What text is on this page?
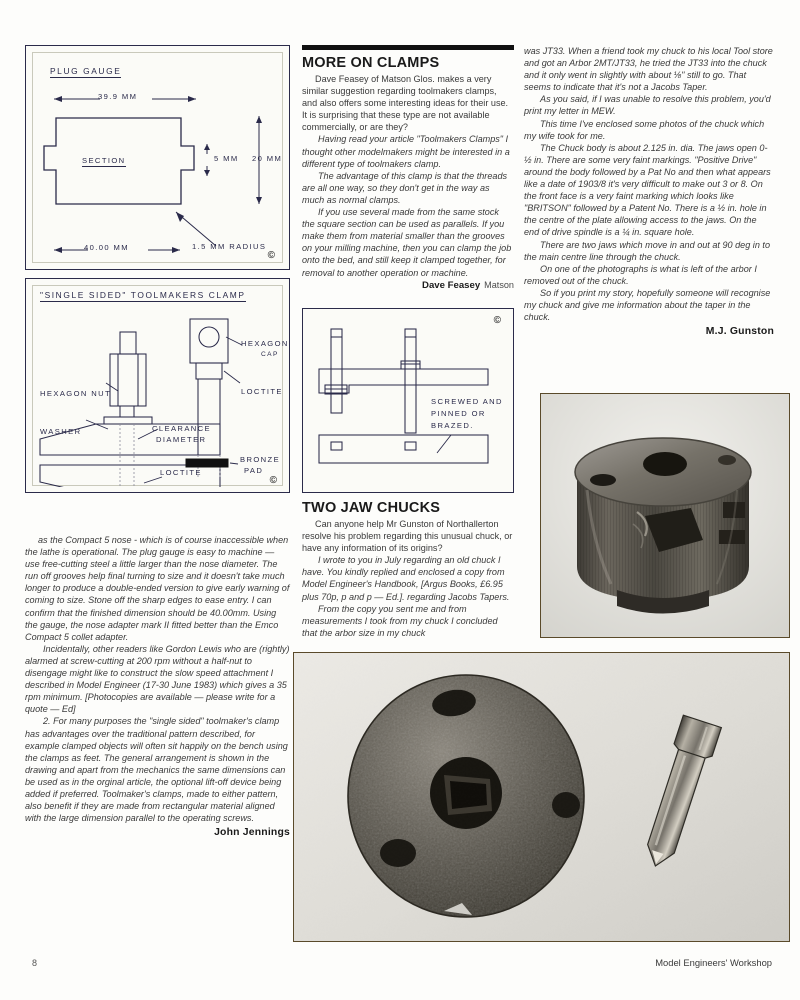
PLUG GAUGE
39.9 MM
SECTION	5 MM 20 MM
1.5 MM RADIUS
40.00 MM
©
"SINGLE SIDED" TOOLMAKERS CLAMP
HEXAGON
CAP
LOCTITE
HEXAGON NUT
WASHER	CLEARANCE
DIAMETER
BRONZE
PAD
LOCTITE
©

as the Compact 5 nose - which is of course inaccessible when the lathe is operational. The plug gauge is easy to machine — use free-cutting steel a little larger than the nose diameter. The run off grooves help final turning to size and it doesn't take much longer to produce a double-ended version to give early warning of coming to size. Stone off the sharp edges to ease entry. I can confirm that the finished dimension should be 40.00mm. Using the gauge, the nose adapter mark II fitted better than the Emco Compact 5 collet adapter.

Incidentally, other readers like Gordon Lewis who are (rightly) alarmed at screw-cutting at 200 rpm without a half-nut to disengage might like to construct the slow speed attachment I described in Model Engineer (17-30 June 1983) which gives a 35 rpm minimum. [Photocopies are available — please write for a quote — Ed]

2. For many purposes the "single sided" toolmaker's clamp has advantages over the traditional pattern described, for example clamped objects will often sit happily on the bench using the clamps as feet. The general arrangement is shown in the drawing and apart from the mechanics the same dimensions can be used as in the orginal article, the optional lift-off device being added if preferred. Toolmaker's clamps, made to either pattern, also benefit if they are made from rectangular material aligned with the large dimension parallel to the operating screws.

John Jennings
MORE ON CLAMPS

Dave Feasey of Matson Glos. makes a very similar suggestion regarding toolmakers clamps, and also offers some interesting ideas for their use. It is surprising that these type are not available commercially, or are they?

Having read your article "Toolmakers Clamps" I thought other modelmakers might be interested in a different type of toolmakers clamp.

The advantage of this clamp is that the threads are all one way, so they don't get in the way as much as normal clamps.

If you use several made from the same stock the square section can be used as parallels. If you make them from material smaller than the grooves on your milling machine, then you can clamp the job onto the bed, and still keep it clamped together, for removal to another operation or machine.

Dave Feasey Matson
SCREWED AND
PINNED OR
BRAZED.
©
TWO JAW CHUCKS

Can anyone help Mr Gunston of Northallerton resolve his problem regarding this unusual chuck, or have any information of its origins?

I wrote to you in July regarding an old chuck I have. You kindly replied and enclosed a copy from Model Engineer's Handbook, [Argus Books, £6.95 plus 70p, p and p — Ed.]. regarding Jacobs Tapers.

From the copy you sent me and from measurements I took from my chuck I concluded that the arbor size in my chuck

was JT33. When a friend took my chuck to his local Tool store and got an Arbor 2MT/JT33, he tried the JT33 into the chuck and it only went in slightly with about ⅛" still to go. That seems to indicate that it's not a Jacobs Taper.

As you said, if I was unable to resolve this problem, you'd print my letter in MEW.

This time I've enclosed some photos of the chuck which my wife took for me.

The Chuck body is about 2.125 in. dia. The jaws open 0-½ in. There are some very faint markings. "Positive Drive" around the body followed by a Pat No and then what appears like a date of 1903/8 it's very difficult to make out 3 or 8. On the front face is a very faint marking which looks like "BRITSON" followed by a Patent No. There is a ½ in. hole in the centre of the plate allowing access to the jaws. On the end of drive spindle is a ¼ in. square hole.

There are two jaws which move in and out at 90 deg in to the main centre line through the chuck.

On one of the photographs is what is left of the arbor I removed out of the chuck.

So if you print my story, hopefully someone will recognise my chuck and give me information about the taper in the chuck.

M.J. Gunston
8	Model Engineers' Workshop
